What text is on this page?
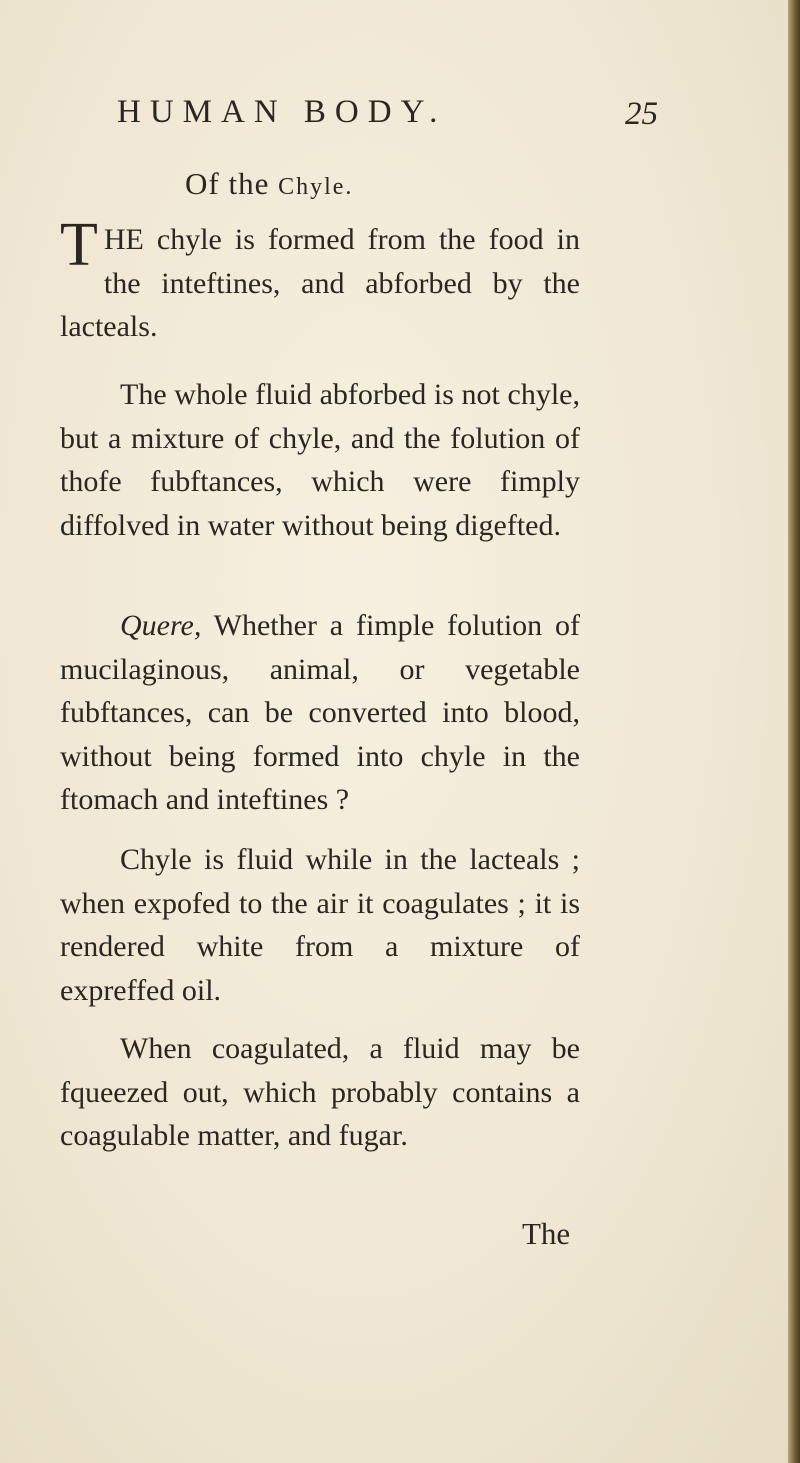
HUMAN BODY.	25
Of the Chyle.
T HE chyle is formed from the food in the inteftines, and abforbed by the lacteals.
The whole fluid abforbed is not chyle, but a mixture of chyle, and the folution of thofe fubftances, which were fimply diffolved in water without being digefted.
Quere, Whether a fimple folution of mucilaginous, animal, or vegetable fubftances, can be converted into blood, without being formed into chyle in the ftomach and inteftines ?
Chyle is fluid while in the lacteals ; when expofed to the air it coagulates ; it is rendered white from a mixture of expreffed oil.
When coagulated, a fluid may be fqueezed out, which probably contains a coagulable matter, and fugar.
The
